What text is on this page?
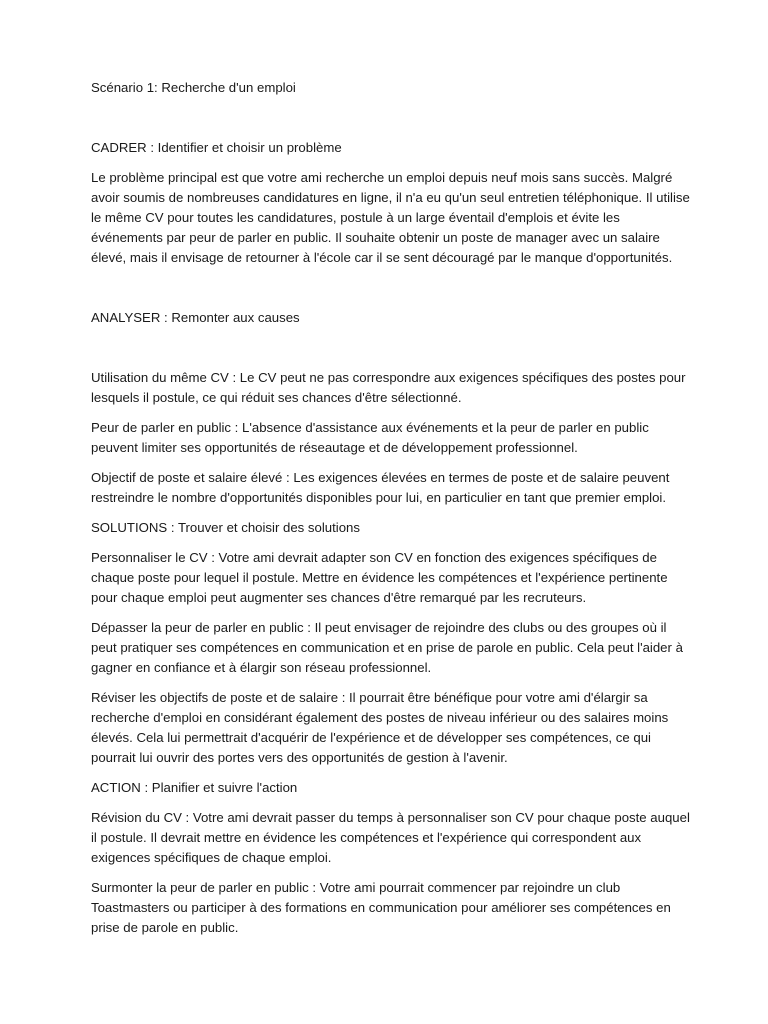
Scénario 1: Recherche d'un emploi

CADRER : Identifier et choisir un problème

Le problème principal est que votre ami recherche un emploi depuis neuf mois sans succès. Malgré avoir soumis de nombreuses candidatures en ligne, il n'a eu qu'un seul entretien téléphonique. Il utilise le même CV pour toutes les candidatures, postule à un large éventail d'emplois et évite les événements par peur de parler en public. Il souhaite obtenir un poste de manager avec un salaire élevé, mais il envisage de retourner à l'école car il se sent découragé par le manque d'opportunités.

ANALYSER : Remonter aux causes

Utilisation du même CV : Le CV peut ne pas correspondre aux exigences spécifiques des postes pour lesquels il postule, ce qui réduit ses chances d'être sélectionné.

Peur de parler en public : L'absence d'assistance aux événements et la peur de parler en public peuvent limiter ses opportunités de réseautage et de développement professionnel.

Objectif de poste et salaire élevé : Les exigences élevées en termes de poste et de salaire peuvent restreindre le nombre d'opportunités disponibles pour lui, en particulier en tant que premier emploi.

SOLUTIONS : Trouver et choisir des solutions

Personnaliser le CV : Votre ami devrait adapter son CV en fonction des exigences spécifiques de chaque poste pour lequel il postule. Mettre en évidence les compétences et l'expérience pertinente pour chaque emploi peut augmenter ses chances d'être remarqué par les recruteurs.

Dépasser la peur de parler en public : Il peut envisager de rejoindre des clubs ou des groupes où il peut pratiquer ses compétences en communication et en prise de parole en public. Cela peut l'aider à gagner en confiance et à élargir son réseau professionnel.

Réviser les objectifs de poste et de salaire : Il pourrait être bénéfique pour votre ami d'élargir sa recherche d'emploi en considérant également des postes de niveau inférieur ou des salaires moins élevés. Cela lui permettrait d'acquérir de l'expérience et de développer ses compétences, ce qui pourrait lui ouvrir des portes vers des opportunités de gestion à l'avenir.

ACTION : Planifier et suivre l'action

Révision du CV : Votre ami devrait passer du temps à personnaliser son CV pour chaque poste auquel il postule. Il devrait mettre en évidence les compétences et l'expérience qui correspondent aux exigences spécifiques de chaque emploi.

Surmonter la peur de parler en public : Votre ami pourrait commencer par rejoindre un club Toastmasters ou participer à des formations en communication pour améliorer ses compétences en prise de parole en public.
